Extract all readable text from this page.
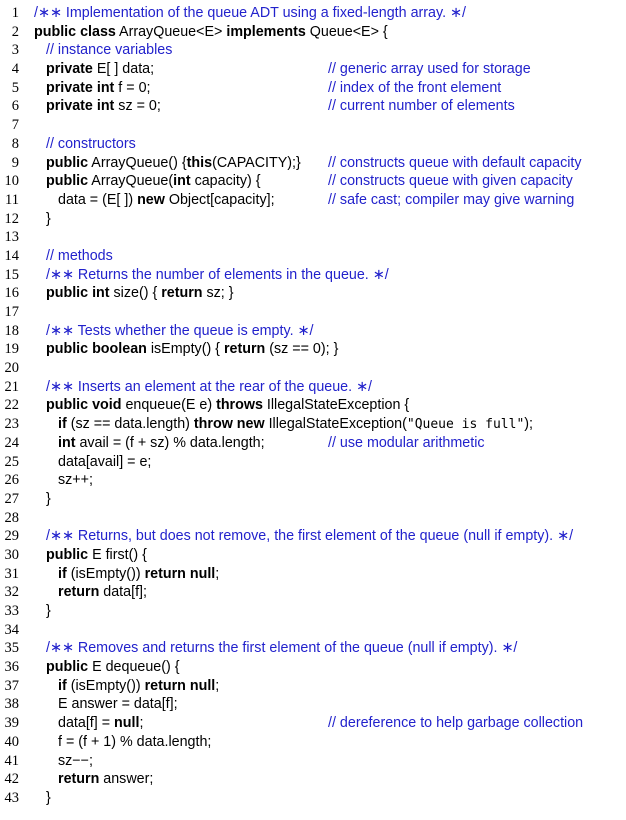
1 /∗∗ Implementation of the queue ADT using a fixed-length array. ∗/
2 public class ArrayQueue<E> implements Queue<E> {
3 // instance variables
4 private E[ ] data;	// generic array used for storage
5 private int f = 0;	// index of the front element
6 private int sz = 0;	// current number of elements
7
8 // constructors
9 public ArrayQueue() {this(CAPACITY);} // constructs queue with default capacity
10 public ArrayQueue(int capacity) {	// constructs queue with given capacity
11	data = (E[ ]) new Object[capacity];	// safe cast; compiler may give warning
12 }
13
14 // methods
15 /∗∗ Returns the number of elements in the queue. ∗/
16 public int size() { return sz; }
17
18 /∗∗ Tests whether the queue is empty. ∗/
19 public boolean isEmpty() { return (sz == 0); }
20
21 /∗∗ Inserts an element at the rear of the queue. ∗/
22 public void enqueue(E e) throws IllegalStateException {
23	if (sz == data.length) throw new IllegalStateException("Queue is full");
24	int avail = (f + sz) % data.length;	// use modular arithmetic
25	data[avail] = e;
26	sz++;
27 }
28
29 /∗∗ Returns, but does not remove, the first element of the queue (null if empty). ∗/
30 public E first() {
31	if (isEmpty()) return null;
32	return data[f];
33 }
34
35 /∗∗ Removes and returns the first element of the queue (null if empty). ∗/
36 public E dequeue() {
37	if (isEmpty()) return null;
38	E answer = data[f];
39	data[f] = null;	// dereference to help garbage collection
40	f = (f + 1) % data.length;
41	sz−−;
42	return answer;
43 }
